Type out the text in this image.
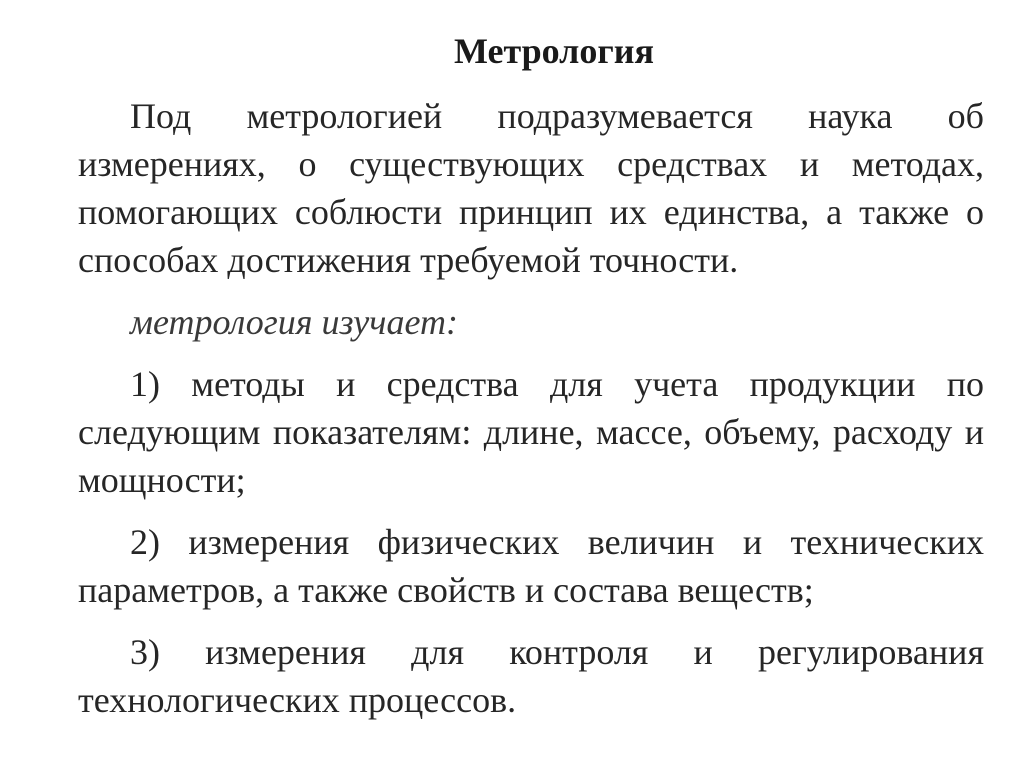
Метрология

Под метрологией подразумевается наука об измерениях, о существующих средствах и методах, помогающих соблюсти принцип их единства, а также о способах достижения требуемой точности.

метрология изучает:

1) методы и средства для учета продукции по следующим показателям: длине, массе, объему, расходу и мощности;

2) измерения физических величин и технических параметров, а также свойств и состава веществ;

3) измерения для контроля и регулирования технологических процессов.
